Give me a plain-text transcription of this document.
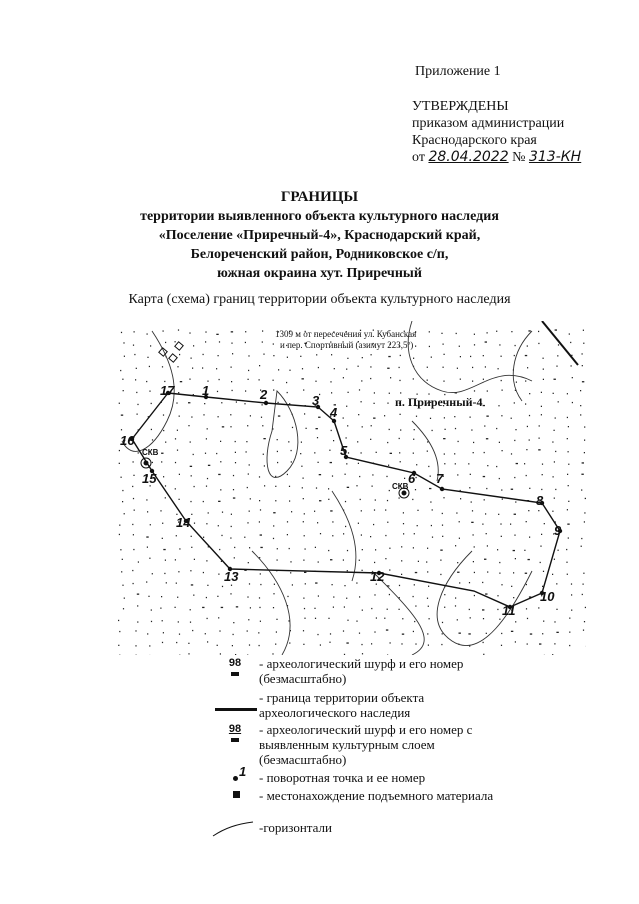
Приложение 1
УТВЕРЖДЕНЫ
приказом администрации
Краснодарского края
от 28.04.2022 № 313-КН
ГРАНИЦЫ
территории выявленного объекта культурного наследия
«Поселение «Приречный-4», Краснодарский край,
Белореченский район, Родниковское с/п,
южная окраина хут. Приречный
Карта (схема) границ территории объекта культурного наследия
1	2	3
4
5
6 7
8
9
10
11
12
13
14
15
16
17
СКВ
СКВ
1309 м от пересечения ул. Кубанская
и пер. Спортивный (азимут 223,5º)
п. Приречный-4
98	- археологический шурф и его номер (безмасштабно)
- граница территории объекта археологического наследия
98	- археологический шурф и его номер с выявленным культурным слоем (безмасштабно)
1 - поворотная точка и ее номер
- местонахождение подъемного материала
-горизонтали
